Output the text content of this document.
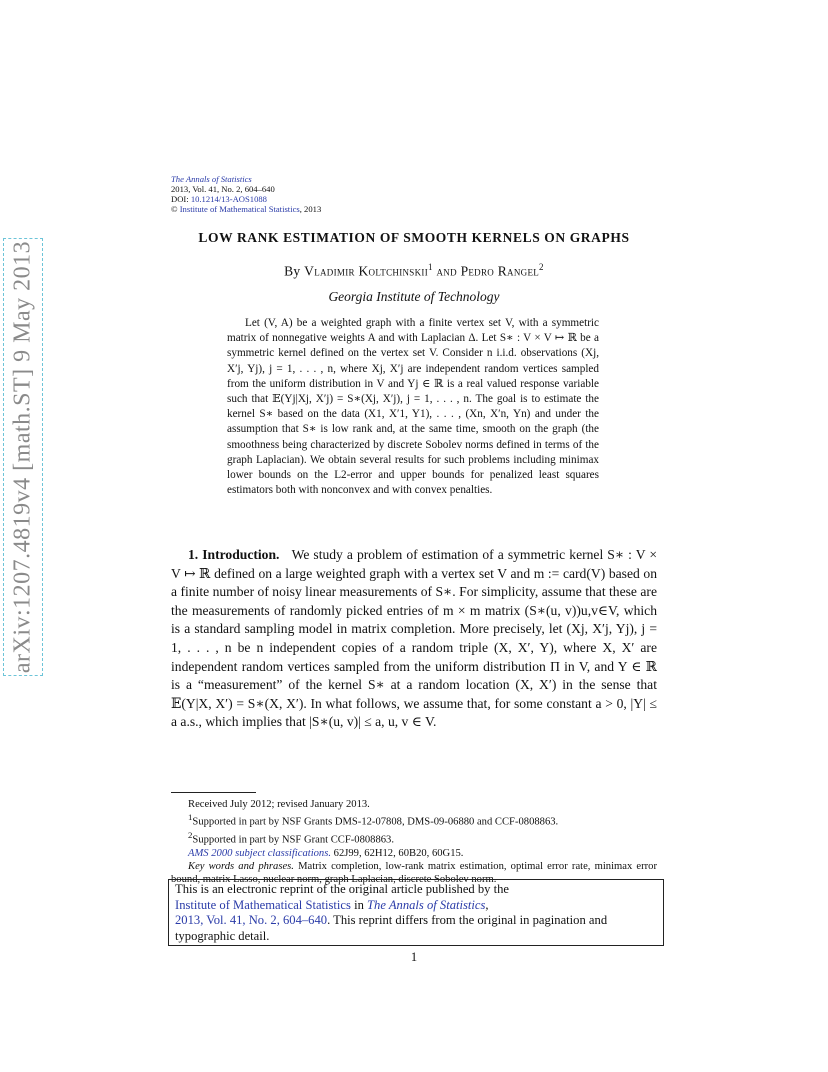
arXiv:1207.4819v4 [math.ST] 9 May 2013
The Annals of Statistics
2013, Vol. 41, No. 2, 604–640
DOI: 10.1214/13-AOS1088
© Institute of Mathematical Statistics, 2013
LOW RANK ESTIMATION OF SMOOTH KERNELS ON GRAPHS
By Vladimir Koltchinskii$^1$ and Pedro Rangel$^2$
Georgia Institute of Technology
Let (V, A) be a weighted graph with a finite vertex set V, with a symmetric matrix of nonnegative weights A and with Laplacian Δ. Let S∗ : V × V ↦ ℝ be a symmetric kernel defined on the vertex set V. Consider n i.i.d. observations (Xj, X′j, Yj), j = 1, . . . , n, where Xj, X′j are independent random vertices sampled from the uniform distribution in V and Yj ∈ ℝ is a real valued response variable such that 𝔼(Yj|Xj, X′j) = S∗(Xj, X′j), j = 1, . . . , n. The goal is to estimate the kernel S∗ based on the data (X1, X′1, Y1), . . . , (Xn, X′n, Yn) and under the assumption that S∗ is low rank and, at the same time, smooth on the graph (the smoothness being characterized by discrete Sobolev norms defined in terms of the graph Laplacian). We obtain several results for such problems including minimax lower bounds on the L2-error and upper bounds for penalized least squares estimators both with nonconvex and with convex penalties.
1. Introduction. We study a problem of estimation of a symmetric kernel S∗ : V × V ↦ ℝ defined on a large weighted graph with a vertex set V and m := card(V) based on a finite number of noisy linear measurements of S∗. For simplicity, assume that these are the measurements of randomly picked entries of m × m matrix (S∗(u, v))u,v∈V, which is a standard sampling model in matrix completion. More precisely, let (Xj, X′j, Yj), j = 1, . . . , n be n independent copies of a random triple (X, X′, Y), where X, X′ are independent random vertices sampled from the uniform distribution Π in V, and Y ∈ ℝ is a “measurement” of the kernel S∗ at a random location (X, X′) in the sense that 𝔼(Y|X, X′) = S∗(X, X′). In what follows, we assume that, for some constant a > 0, |Y| ≤ a a.s., which implies that |S∗(u, v)| ≤ a, u, v ∈ V.

Received July 2012; revised January 2013.

$^1$Supported in part by NSF Grants DMS-12-07808, DMS-09-06880 and CCF-0808863.

$^2$Supported in part by NSF Grant CCF-0808863.

AMS 2000 subject classifications. 62J99, 62H12, 60B20, 60G15.

Key words and phrases. Matrix completion, low-rank matrix estimation, optimal error rate, minimax error bound, matrix Lasso, nuclear norm, graph Laplacian, discrete Sobolev norm.

This is an electronic reprint of the original article published by the
Institute of Mathematical Statistics in The Annals of Statistics,
2013, Vol. 41, No. 2, 604–640. This reprint differs from the original in pagination and typographic detail.
1
